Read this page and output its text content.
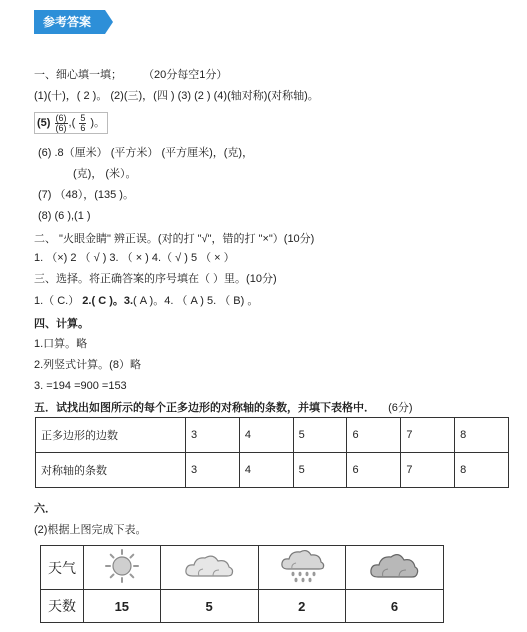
参考答案
一、细心填一填； （20分每空1分）
(1)(十)，( 2 )。 (2)(三)，(四 ) (3) (2 ) (4)(轴对称)(对称轴)。
$(5) \frac{(6)}{(6)}$ ,( $\frac{5}{6}$ )。
(6) .8（厘米） (平方米） (平方厘米)，(克)，
(克)， (米）。
(7) （48），(135 )。
(8) (6 ),(1 )
二、 "火眼金睛" 辨正误。(对的打 "√"，错的打 "×"）(10分)
1. （×) 2 （ √ ) 3. （ × ) 4.（ √ ) 5 （ × ）
三、选择。将正确答案的序号填在（ ）里。(10分)
1.（ C.） 2.( C )。3.( A )。4. （ A ) 5. （ B) 。
四、计算。
1.口算。略
2.列竖式计算。(8）略
3. =194 =900 =153
五．试找出如图所示的每个正多边形的对称轴的条数，并填下表格中． (6分)
正多边形的边数	3	4	5	6	7	8
对称轴的条数	3	4	5	6	7	8
六．
(2)根据上图完成下表。
天气				
天数	15	5	2	6
